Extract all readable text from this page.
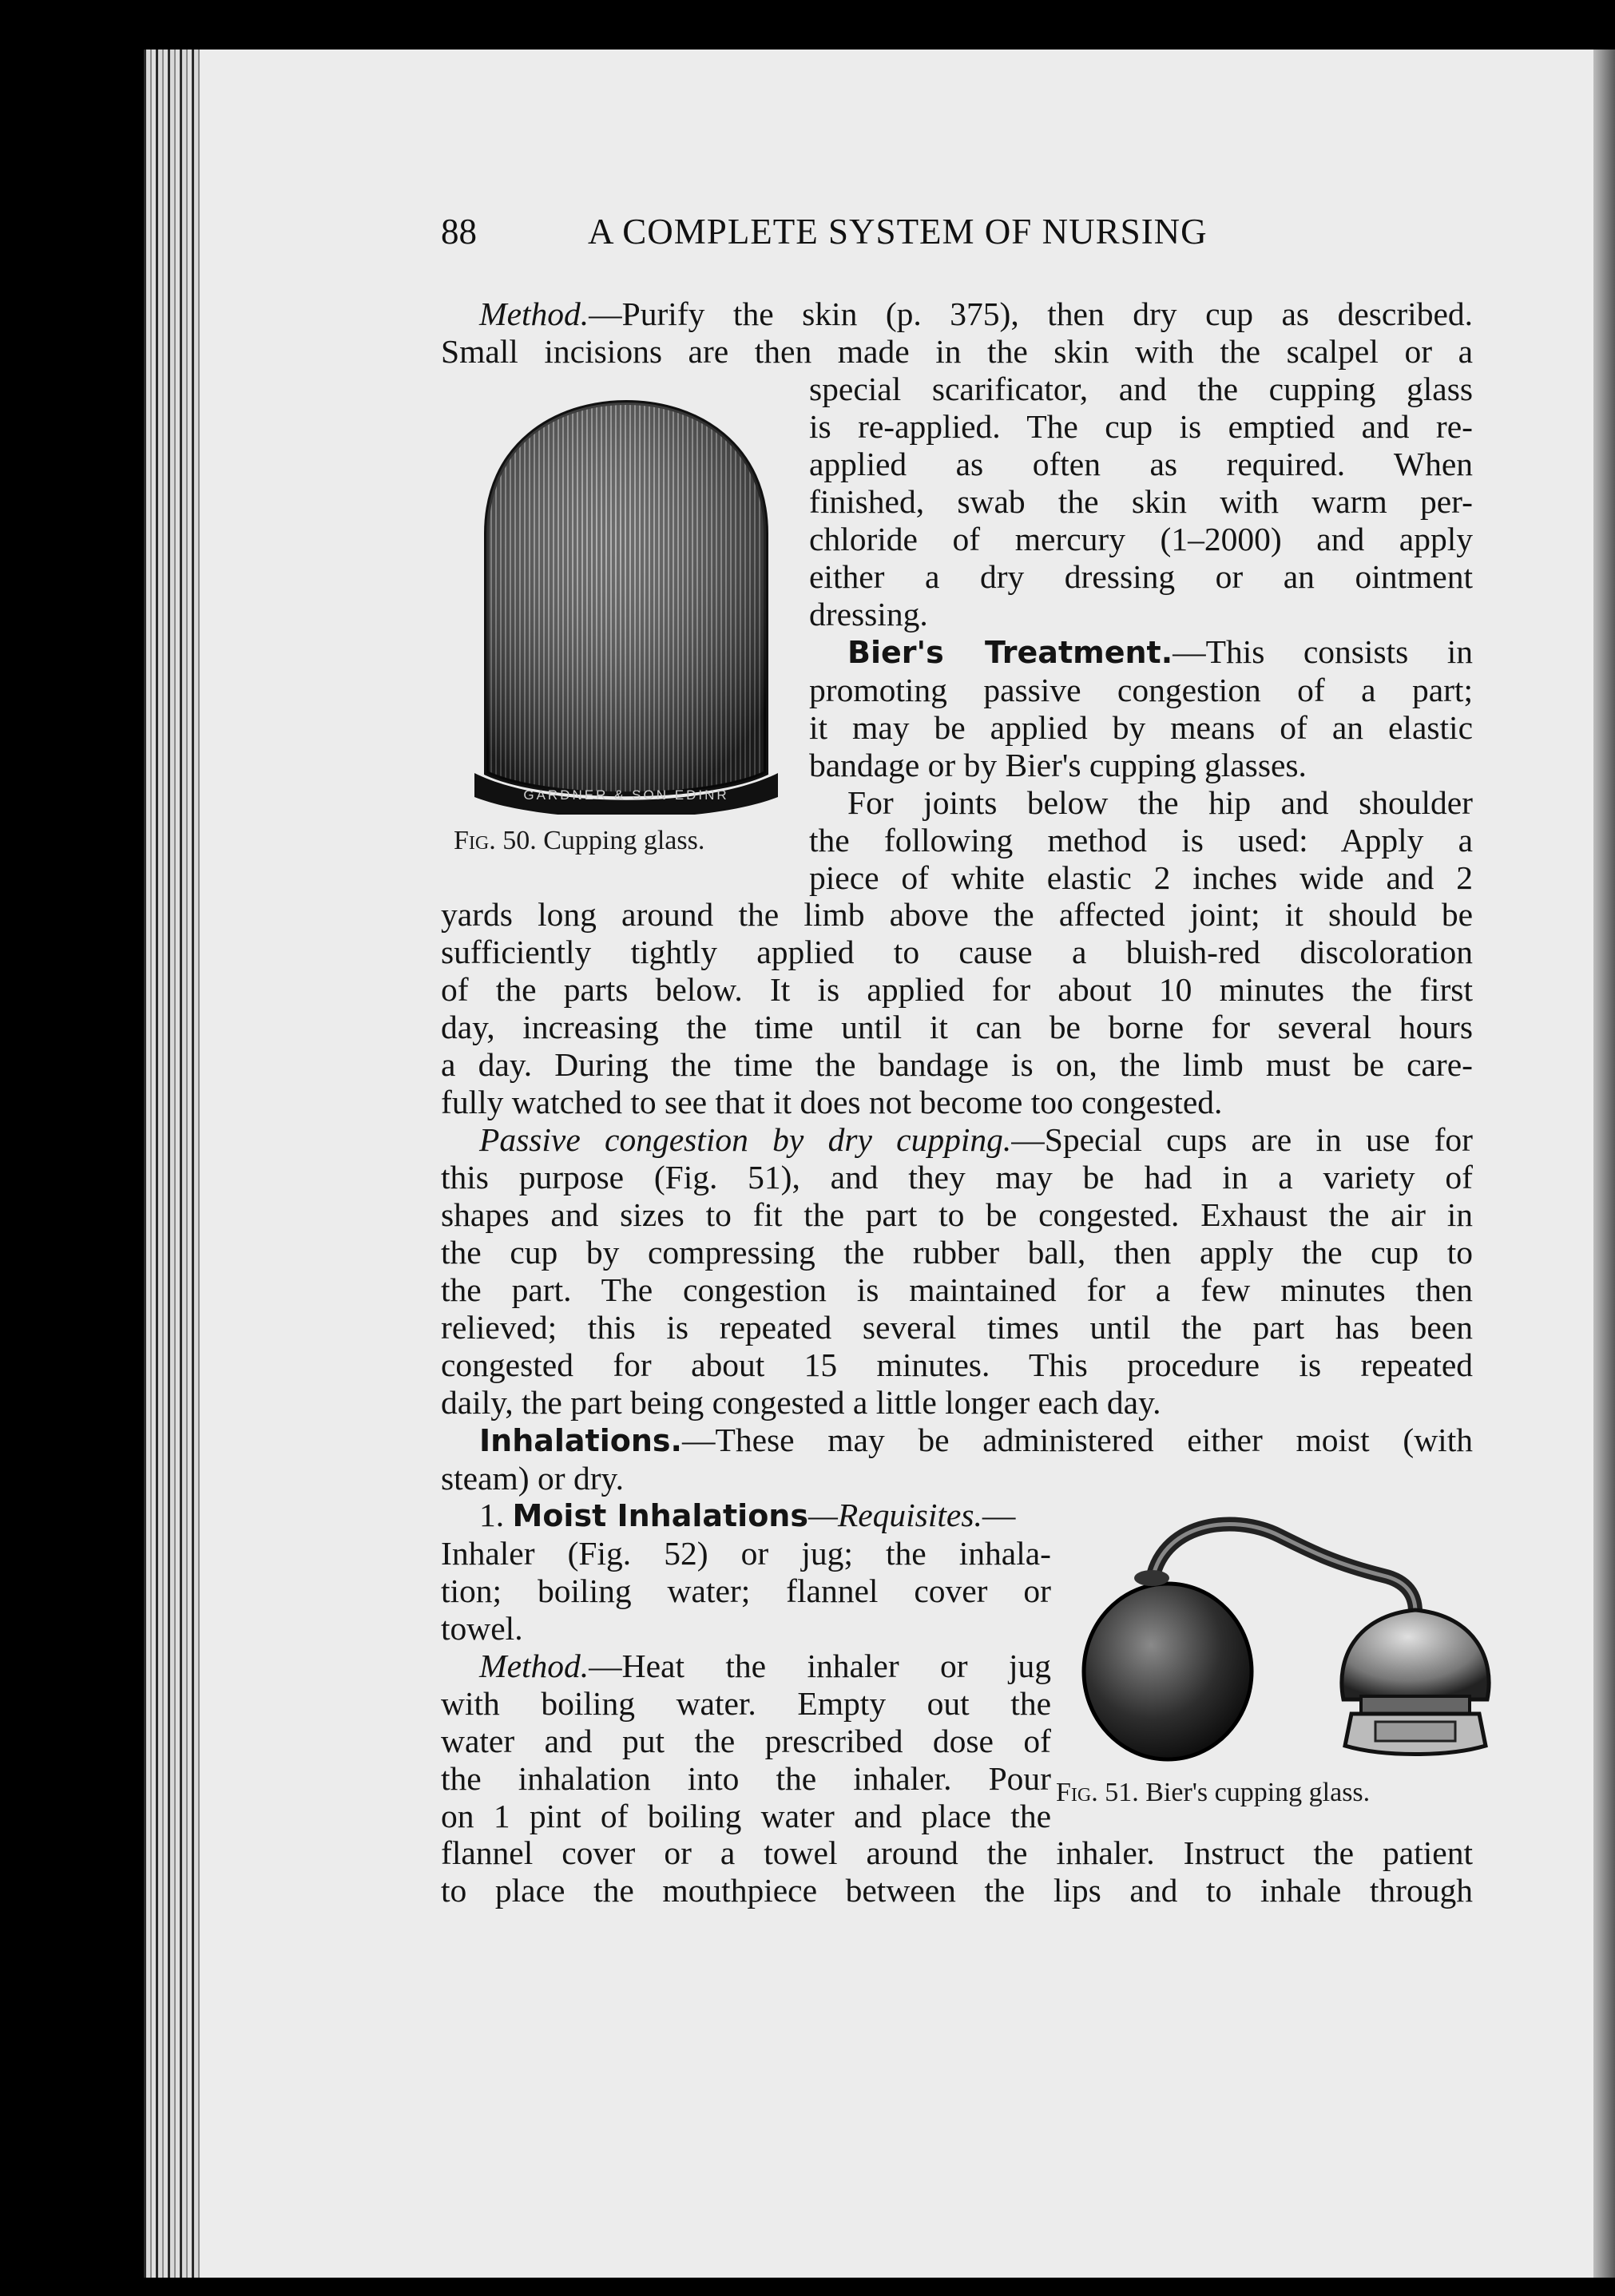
88	A COMPLETE SYSTEM OF NURSING
GARDNER & SON EDINR
Fig. 50. Cupping glass.
Fig. 51. Bier's cupping glass.
Method.—Purify the skin (p. 375), then dry cup as described.
Small incisions are then made in the skin with the scalpel or a
special scarificator, and the cupping glass
is re-applied. The cup is emptied and re-
applied as often as required. When
finished, swab the skin with warm per-
chloride of mercury (1–2000) and apply
either a dry dressing or an ointment
dressing.
Bier's Treatment.—This consists in
promoting passive congestion of a part;
it may be applied by means of an elastic
bandage or by Bier's cupping glasses.
For joints below the hip and shoulder
the following method is used: Apply a
piece of white elastic 2 inches wide and 2
yards long around the limb above the affected joint; it should be
sufficiently tightly applied to cause a bluish-red discoloration
of the parts below. It is applied for about 10 minutes the first
day, increasing the time until it can be borne for several hours
a day. During the time the bandage is on, the limb must be care-
fully watched to see that it does not become too congested.
Passive congestion by dry cupping.—Special cups are in use for
this purpose (Fig. 51), and they may be had in a variety of
shapes and sizes to fit the part to be congested. Exhaust the air in
the cup by compressing the rubber ball, then apply the cup to
the part. The congestion is maintained for a few minutes then
relieved; this is repeated several times until the part has been
congested for about 15 minutes. This procedure is repeated
daily, the part being congested a little longer each day.
Inhalations.—These may be administered either moist (with
steam) or dry.
1. Moist Inhalations—Requisites.—
Inhaler (Fig. 52) or jug; the inhala-
tion; boiling water; flannel cover or
towel.
Method.—Heat the inhaler or jug
with boiling water. Empty out the
water and put the prescribed dose of
the inhalation into the inhaler. Pour
on 1 pint of boiling water and place the
flannel cover or a towel around the inhaler. Instruct the patient
to place the mouthpiece between the lips and to inhale through
